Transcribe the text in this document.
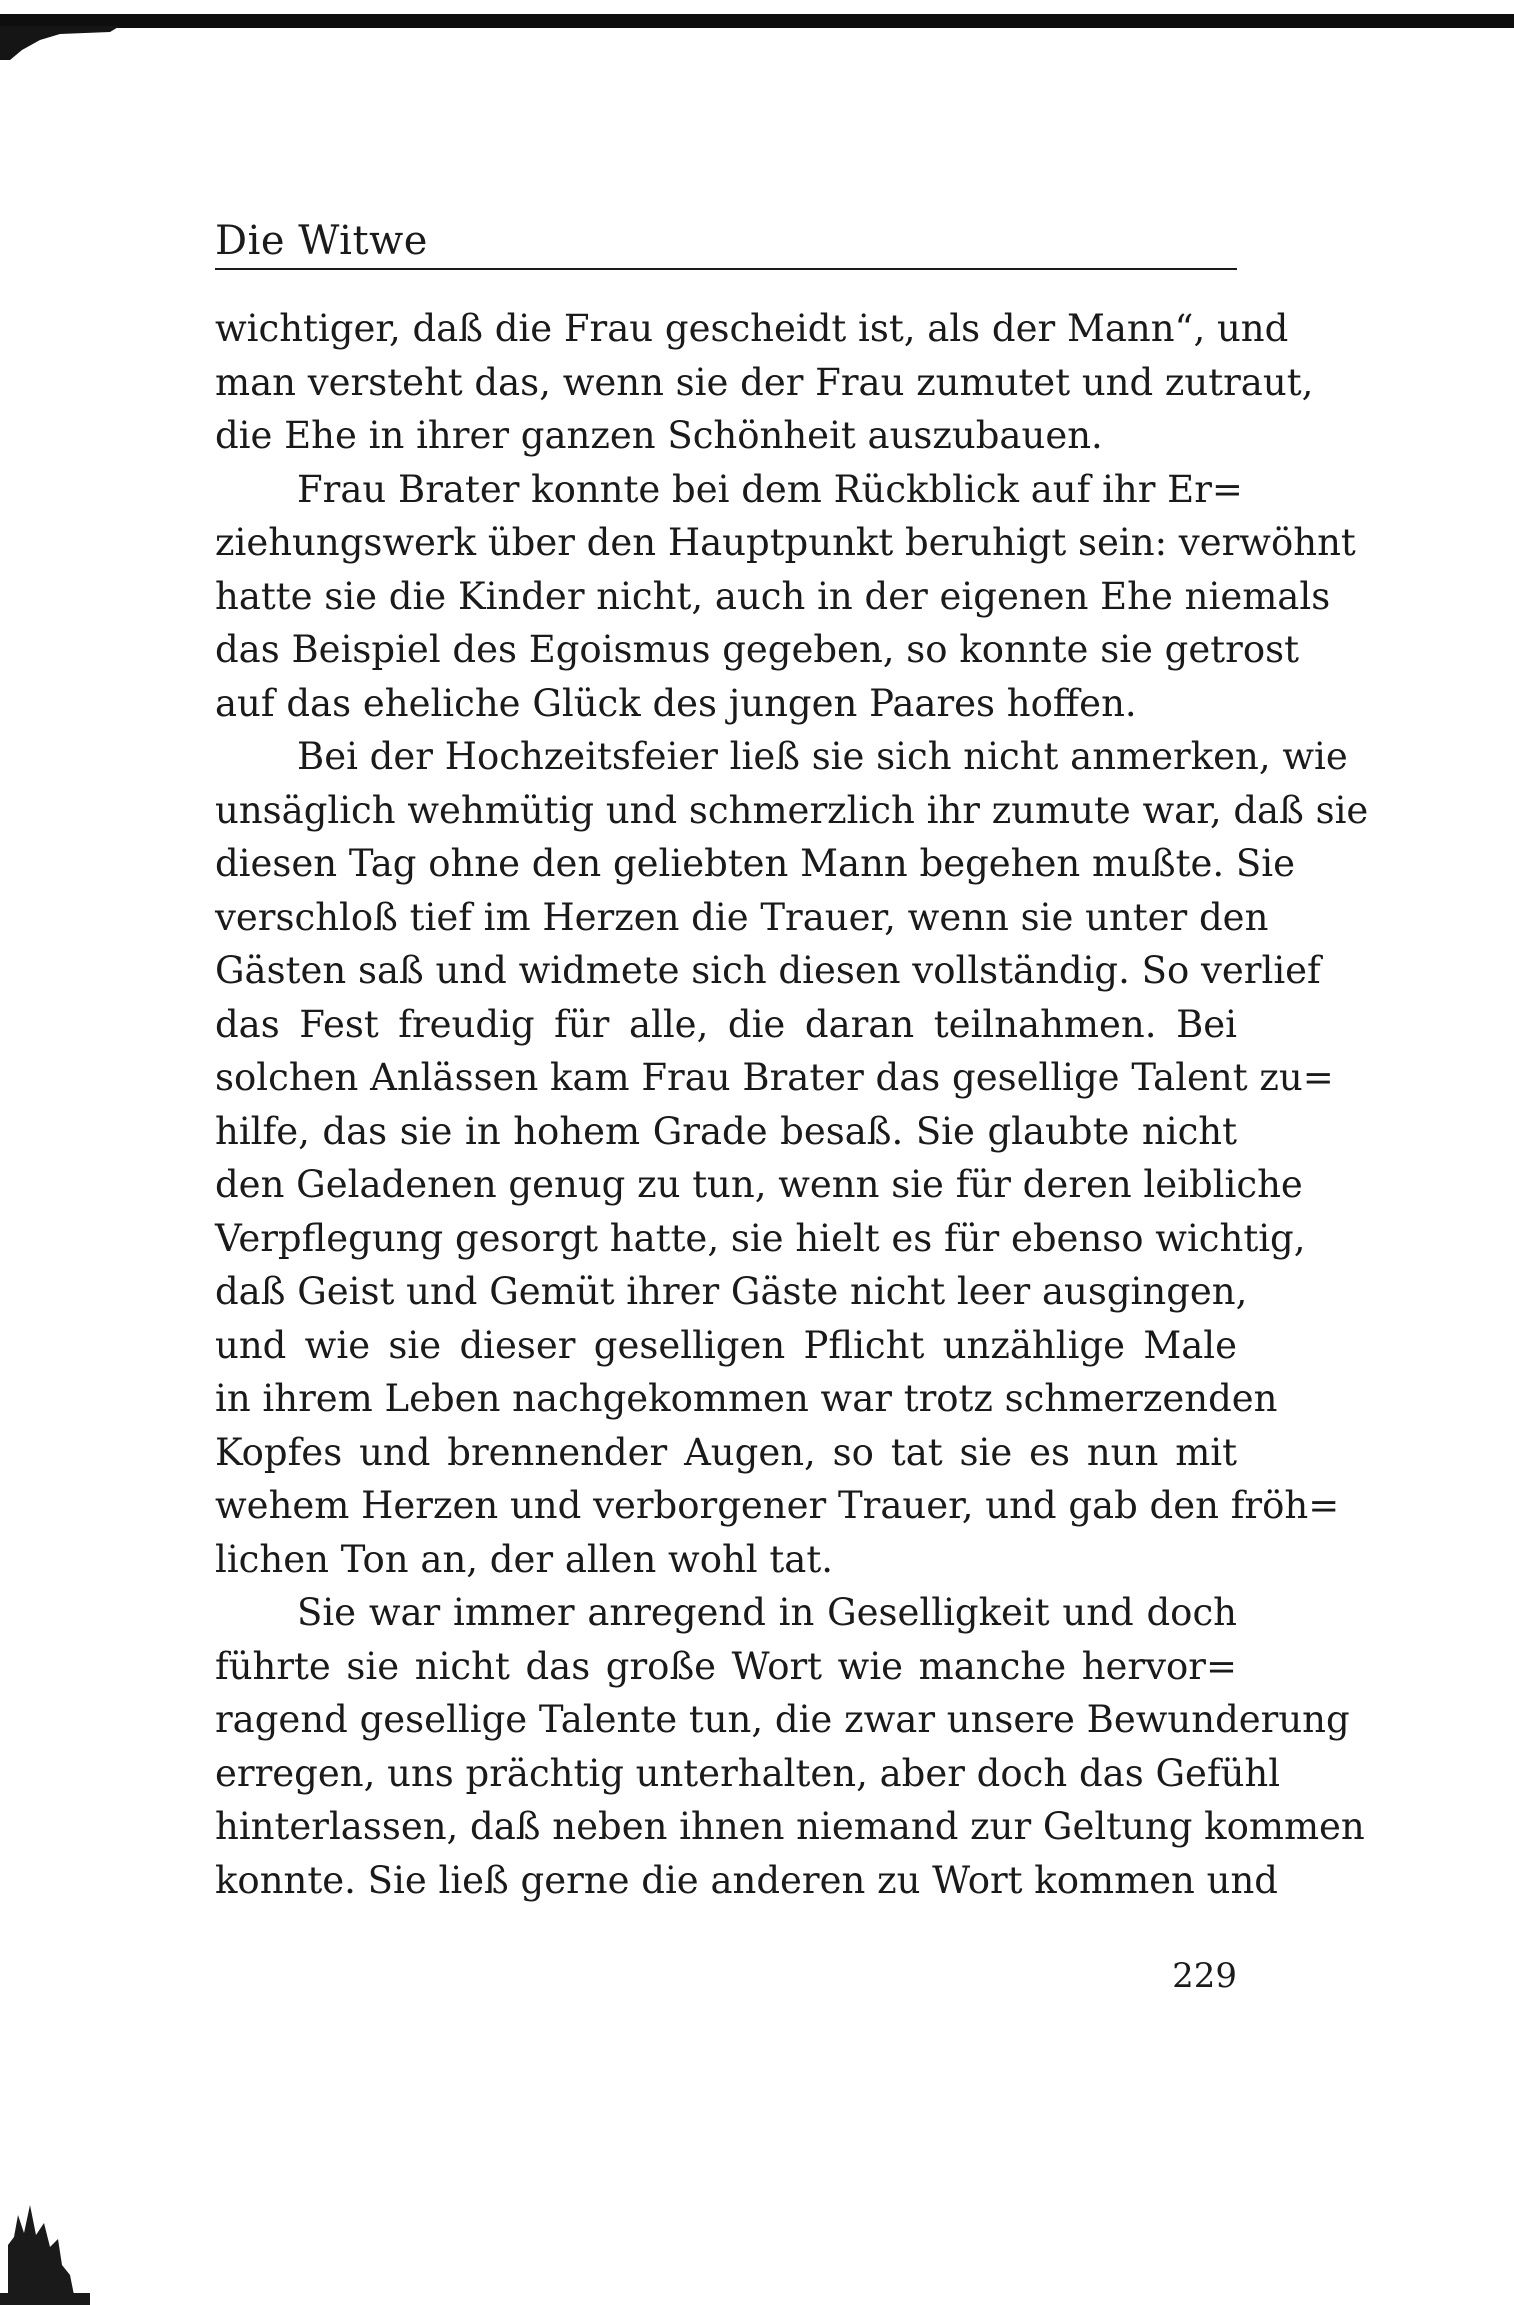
Die Witwe
wichtiger, daß die Frau gescheidt ist, als der Mann“, und
man versteht das, wenn sie der Frau zumutet und zutraut,
die Ehe in ihrer ganzen Schönheit auszubauen.
Frau Brater konnte bei dem Rückblick auf ihr Er=
ziehungswerk über den Hauptpunkt beruhigt sein: verwöhnt
hatte sie die Kinder nicht, auch in der eigenen Ehe niemals
das Beispiel des Egoismus gegeben, so konnte sie getrost
auf das eheliche Glück des jungen Paares hoffen.
Bei der Hochzeitsfeier ließ sie sich nicht anmerken, wie
unsäglich wehmütig und schmerzlich ihr zumute war, daß sie
diesen Tag ohne den geliebten Mann begehen mußte. Sie
verschloß tief im Herzen die Trauer, wenn sie unter den
Gästen saß und widmete sich diesen vollständig. So verlief
das Fest freudig für alle, die daran teilnahmen. Bei
solchen Anlässen kam Frau Brater das gesellige Talent zu=
hilfe, das sie in hohem Grade besaß. Sie glaubte nicht
den Geladenen genug zu tun, wenn sie für deren leibliche
Verpflegung gesorgt hatte, sie hielt es für ebenso wichtig,
daß Geist und Gemüt ihrer Gäste nicht leer ausgingen,
und wie sie dieser geselligen Pflicht unzählige Male
in ihrem Leben nachgekommen war trotz schmerzenden
Kopfes und brennender Augen, so tat sie es nun mit
wehem Herzen und verborgener Trauer, und gab den fröh=
lichen Ton an, der allen wohl tat.
Sie war immer anregend in Geselligkeit und doch
führte sie nicht das große Wort wie manche hervor=
ragend gesellige Talente tun, die zwar unsere Bewunderung
erregen, uns prächtig unterhalten, aber doch das Gefühl
hinterlassen, daß neben ihnen niemand zur Geltung kommen
konnte. Sie ließ gerne die anderen zu Wort kommen und
229
